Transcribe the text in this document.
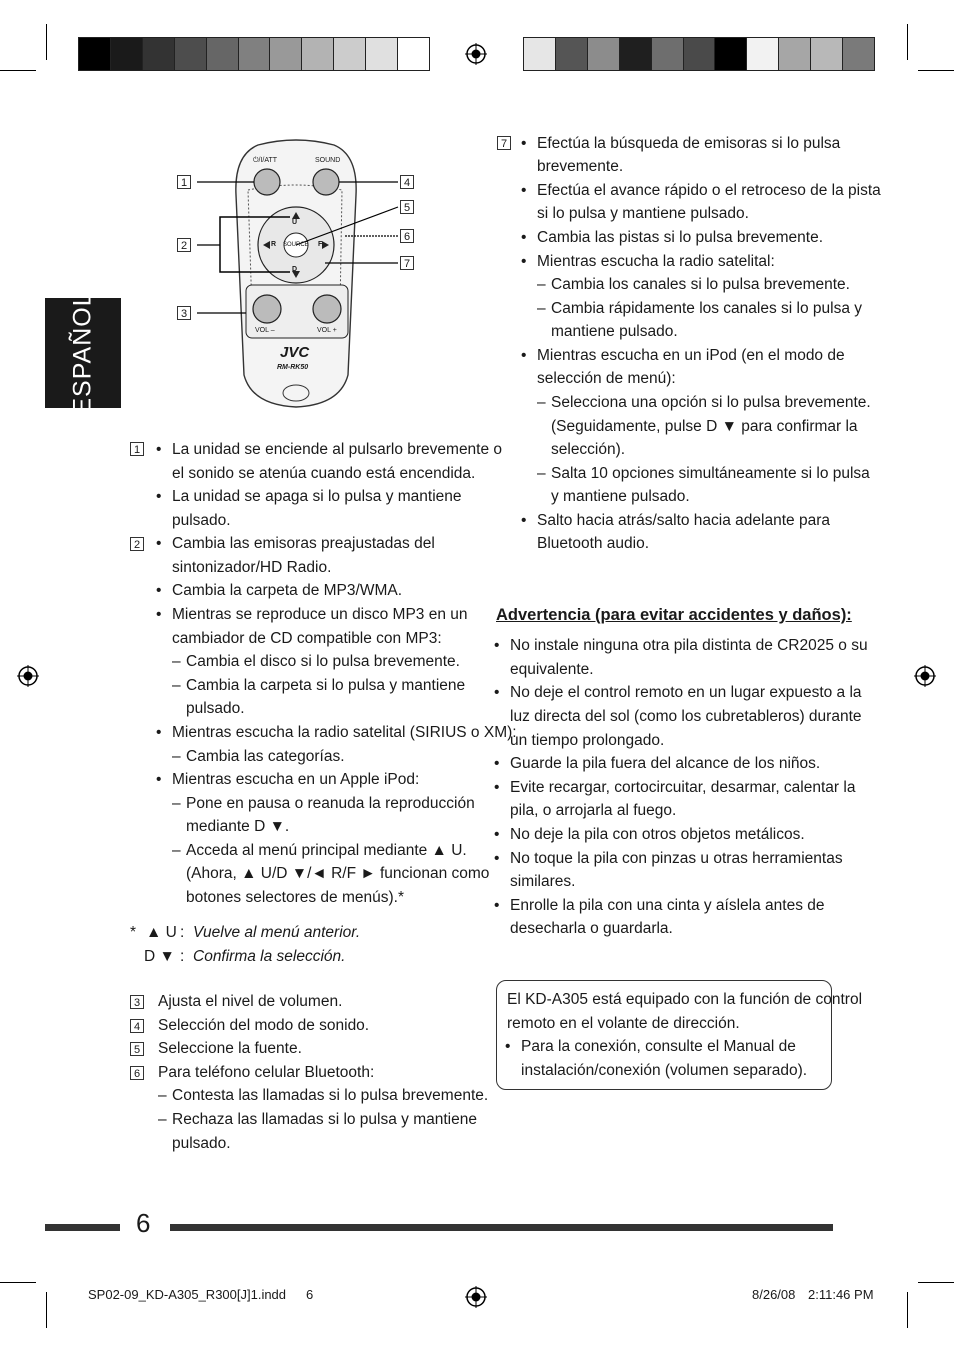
ESPAÑOL
⏻/I/ATT	SOUND
U
D
R	F
SOURCE
VOL –	VOL +
JVC
RM-RK50
1
2
3
4
5
6
7
1 • La unidad se enciende al pulsarlo brevemente o
el sonido se atenúa cuando está encendida.
• La unidad se apaga si lo pulsa y mantiene
pulsado.
2 • Cambia las emisoras preajustadas del
sintonizador/HD Radio.
• Cambia la carpeta de MP3/WMA.
• Mientras se reproduce un disco MP3 en un
cambiador de CD compatible con MP3:
– Cambia el disco si lo pulsa brevemente.
– Cambia la carpeta si lo pulsa y mantiene
pulsado.
• Mientras escucha la radio satelital (SIRIUS o XM):
– Cambia las categorías.
• Mientras escucha en un Apple iPod:
– Pone en pausa o reanuda la reproducción
mediante D ▼.
– Acceda al menú principal mediante ▲ U.
(Ahora, ▲ U/D ▼/◄ R/F ► funcionan como
botones selectores de menús).*
* ▲ U : Vuelve al menú anterior.
D ▼ : Confirma la selección.
3 Ajusta el nivel de volumen.
4 Selección del modo de sonido.
5 Seleccione la fuente.
6 Para teléfono celular Bluetooth:
– Contesta las llamadas si lo pulsa brevemente.
– Rechaza las llamadas si lo pulsa y mantiene
pulsado.
7 • Efectúa la búsqueda de emisoras si lo pulsa
brevemente.
• Efectúa el avance rápido o el retroceso de la pista
si lo pulsa y mantiene pulsado.
• Cambia las pistas si lo pulsa brevemente.
• Mientras escucha la radio satelital:
– Cambia los canales si lo pulsa brevemente.
– Cambia rápidamente los canales si lo pulsa y
mantiene pulsado.
• Mientras escucha en un iPod (en el modo de
selección de menú):
– Selecciona una opción si lo pulsa brevemente.
(Seguidamente, pulse D ▼ para confirmar la
selección).
– Salta 10 opciones simultáneamente si lo pulsa
y mantiene pulsado.
• Salto hacia atrás/salto hacia adelante para
Bluetooth audio.
Advertencia (para evitar accidentes y daños):
• No instale ninguna otra pila distinta de CR2025 o su
equivalente.
• No deje el control remoto en un lugar expuesto a la
luz directa del sol (como los cubretableros) durante
un tiempo prolongado.
• Guarde la pila fuera del alcance de los niños.
• Evite recargar, cortocircuitar, desarmar, calentar la
pila, o arrojarla al fuego.
• No deje la pila con otros objetos metálicos.
• No toque la pila con pinzas u otras herramientas
similares.
• Enrolle la pila con una cinta y aíslela antes de
desecharla o guardarla.
El KD-A305 está equipado con la función de control
remoto en el volante de dirección.
• Para la conexión, consulte el Manual de
instalación/conexión (volumen separado).
6
SP02-09_KD-A305_R300[J]1.indd 6	8/26/08 2:11:46 PM
